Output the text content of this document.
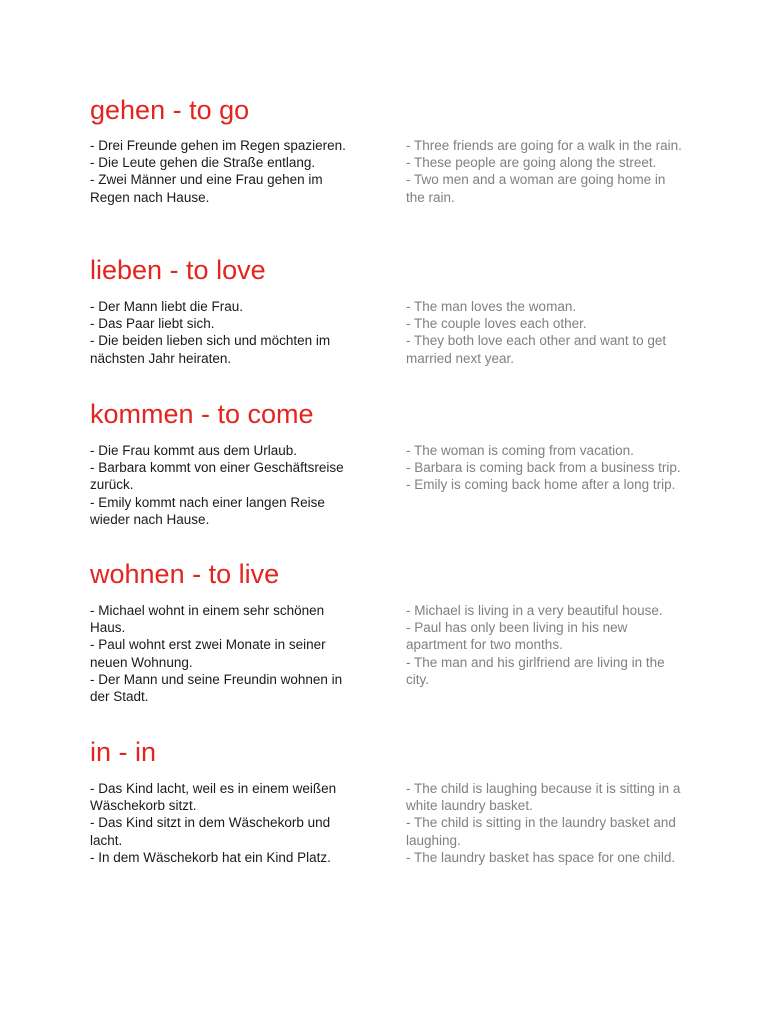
gehen - to go
- Drei Freunde gehen im Regen spazieren.
- Die Leute gehen die Straße entlang.
- Zwei Männer und eine Frau gehen im Regen nach Hause.
- Three friends are going for a walk in the rain.
- These people are going along the street.
- Two men and a woman are going home in the rain.
lieben - to love
- Der Mann liebt die Frau.
- Das Paar liebt sich.
- Die beiden lieben sich und möchten im nächsten Jahr heiraten.
- The man loves the woman.
- The couple loves each other.
- They both love each other and want to get married next year.
kommen - to come
- Die Frau kommt aus dem Urlaub.
- Barbara kommt von einer Geschäftsreise zurück.
- Emily kommt nach einer langen Reise wieder nach Hause.
- The woman is coming from vacation.
- Barbara is coming back from a business trip.
- Emily is coming back home after a long trip.
wohnen - to live
- Michael wohnt in einem sehr schönen Haus.
- Paul wohnt erst zwei Monate in seiner neuen Wohnung.
- Der Mann und seine Freundin wohnen in der Stadt.
- Michael is living in a very beautiful house.
- Paul has only been living in his new apartment for two months.
- The man and his girlfriend are living in the city.
in - in
- Das Kind lacht, weil es in einem weißen Wäschekorb sitzt.
- Das Kind sitzt in dem Wäschekorb und lacht.
- In dem Wäschekorb hat ein Kind Platz.
- The child is laughing because it is sitting in a white laundry basket.
- The child is sitting in the laundry basket and laughing.
- The laundry basket has space for one child.
